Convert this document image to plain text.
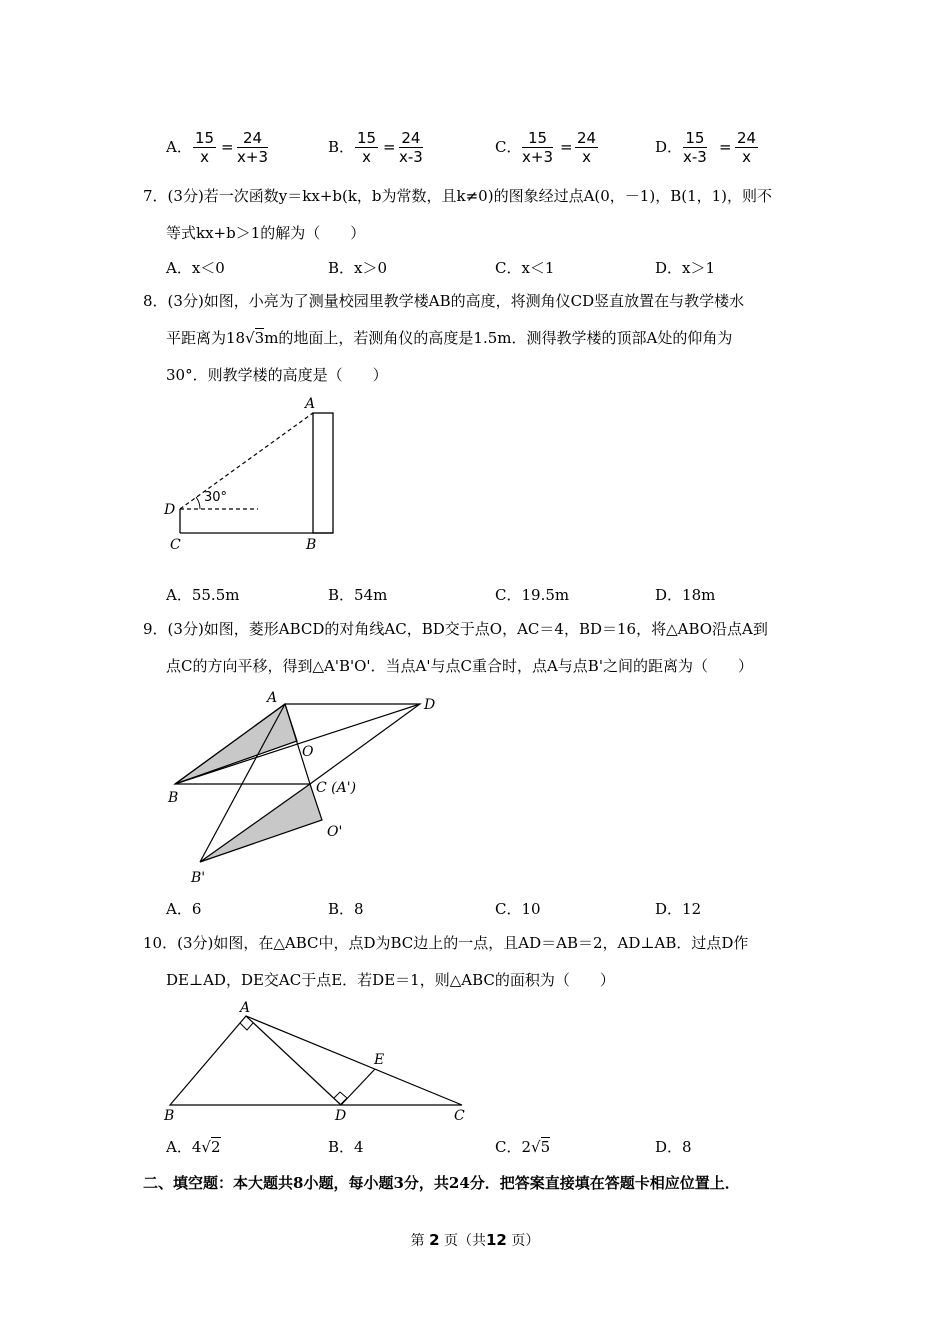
A． $\frac{15}{x} = \frac{24}{x+3}$	B． $\frac{15}{x} = \frac{24}{x-3}$	C． $\frac{15}{x+3} = \frac{24}{x}$	D． $\frac{15}{x-3} = \frac{24}{x}$
7．(3分)若一次函数y＝kx+b(k，b为常数，且k≠0)的图象经过点A(0，－1)，B(1，1)，则不
等式kx+b＞1的解为（　　）
A．x＜0	B．x＞0	C．x＜1	D．x＞1
8．(3分)如图，小亮为了测量校园里教学楼AB的高度，将测角仪CD竖直放置在与教学楼水
平距离为18√3m的地面上，若测角仪的高度是1.5m．测得教学楼的顶部A处的仰角为
30°．则教学楼的高度是（　　）
30°
A
D
C	B
A．55.5m	B．54m	C．19.5m	D．18m
9．(3分)如图，菱形ABCD的对角线AC，BD交于点O，AC＝4，BD＝16，将△ABO沿点A到
点C的方向平移，得到△A'B'O'．当点A'与点C重合时，点A与点B'之间的距离为（　　）
A	D
O
B
C (A')
O'
B'
A．6	B．8	C．10	D．12
10．(3分)如图，在△ABC中，点D为BC边上的一点，且AD＝AB＝2，AD⊥AB．过点D作
DE⊥AD，DE交AC于点E．若DE＝1，则△ABC的面积为（　　）
A
E
B	D	C
A．4√2	B．4	C．2√5	D．8
二、填空题：本大题共8小题，每小题3分，共24分．把答案直接填在答题卡相应位置上．
第 2 页（共12 页）
